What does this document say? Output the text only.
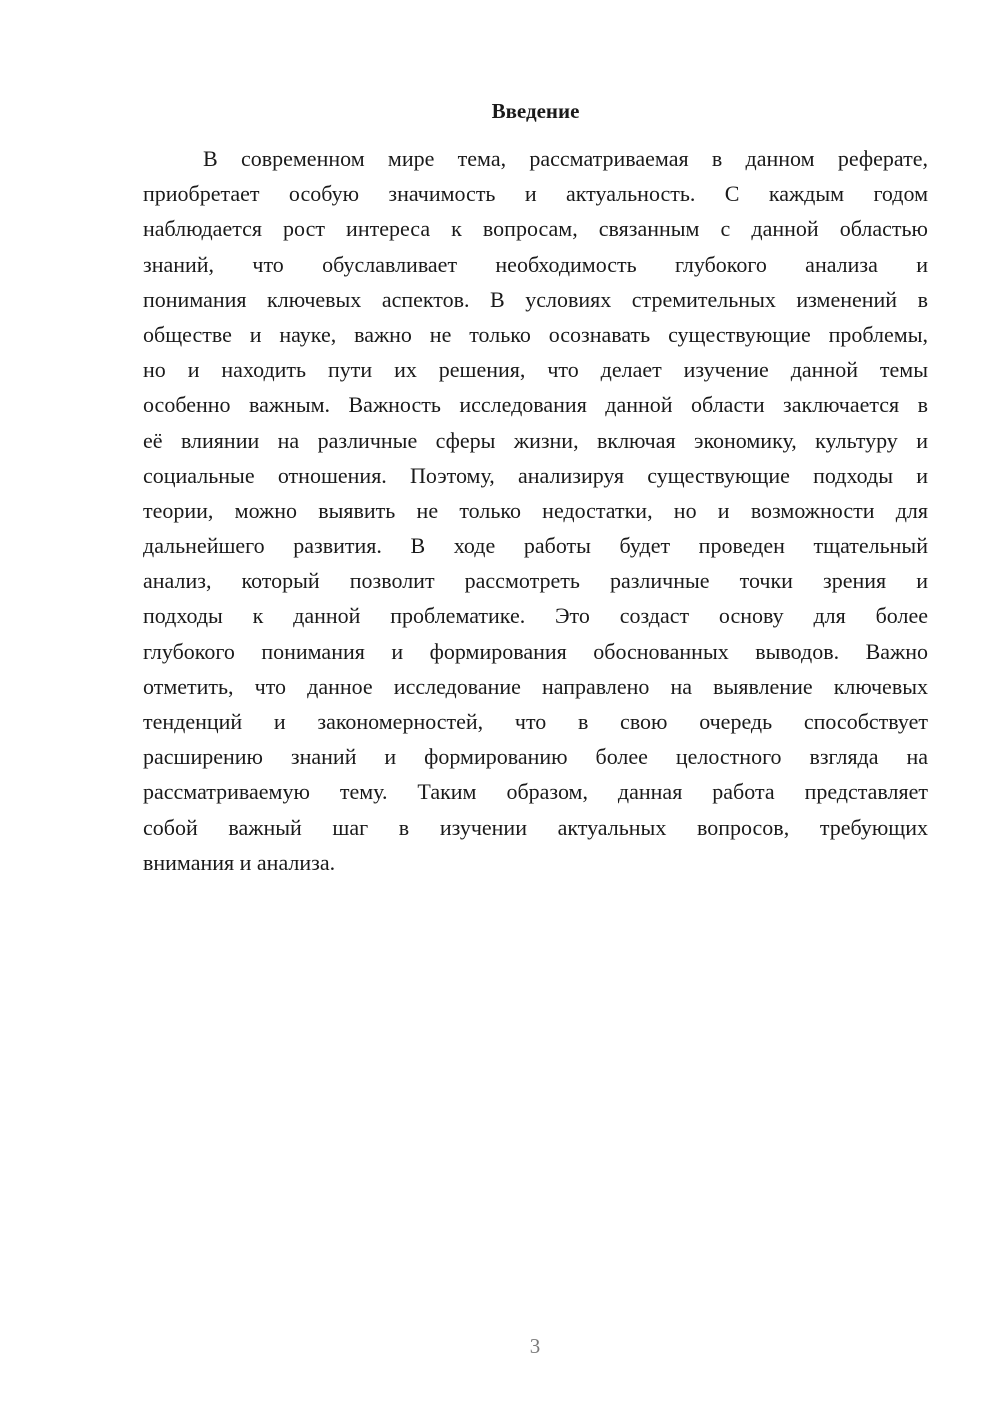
Введение
В современном мире тема, рассматриваемая в данном реферате,
приобретает особую значимость и актуальность. С каждым годом
наблюдается рост интереса к вопросам, связанным с данной областью
знаний, что обуславливает необходимость глубокого анализа и
понимания ключевых аспектов. В условиях стремительных изменений в
обществе и науке, важно не только осознавать существующие проблемы,
но и находить пути их решения, что делает изучение данной темы
особенно важным. Важность исследования данной области заключается в
её влиянии на различные сферы жизни, включая экономику, культуру и
социальные отношения. Поэтому, анализируя существующие подходы и
теории, можно выявить не только недостатки, но и возможности для
дальнейшего развития. В ходе работы будет проведен тщательный
анализ, который позволит рассмотреть различные точки зрения и
подходы к данной проблематике. Это создаст основу для более
глубокого понимания и формирования обоснованных выводов. Важно
отметить, что данное исследование направлено на выявление ключевых
тенденций и закономерностей, что в свою очередь способствует
расширению знаний и формированию более целостного взгляда на
рассматриваемую тему. Таким образом, данная работа представляет
собой важный шаг в изучении актуальных вопросов, требующих
внимания и анализа.

3
